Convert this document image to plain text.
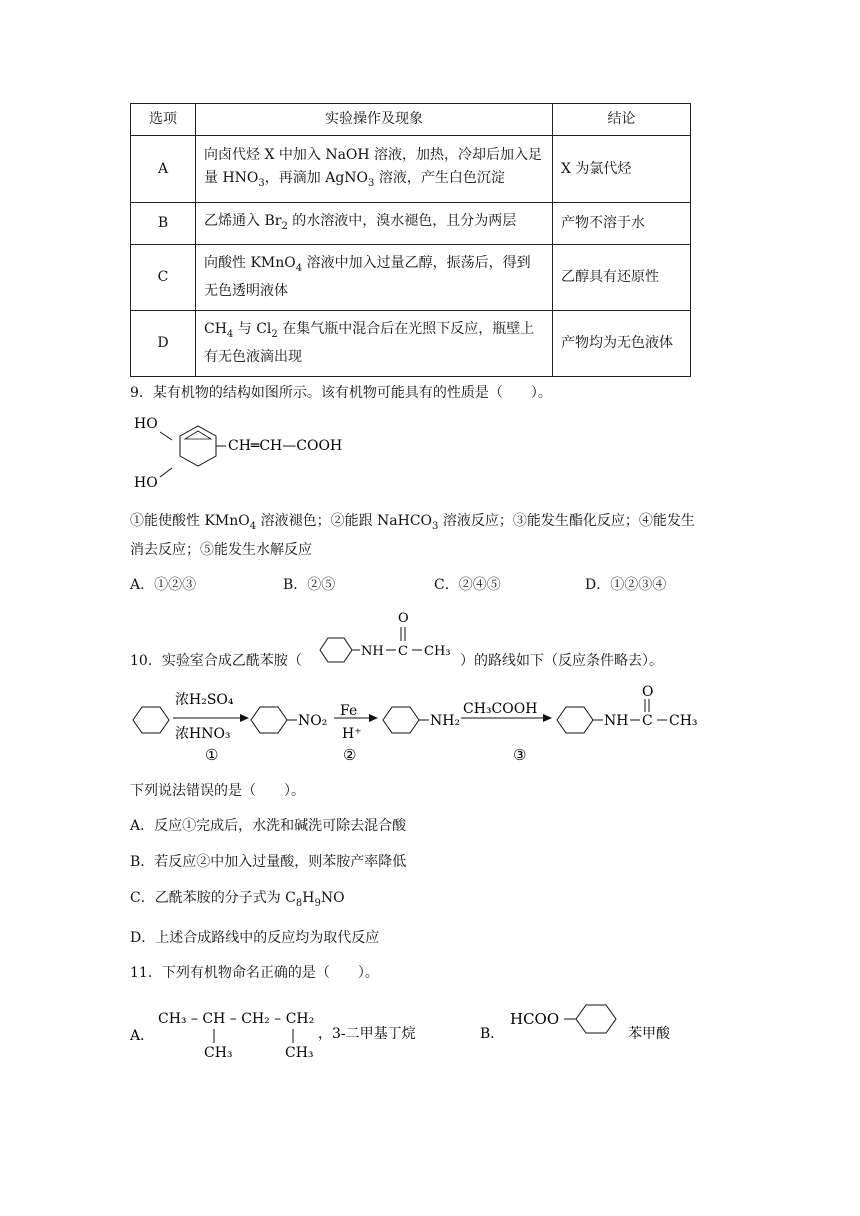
选项	实验操作及现象	结论
A	向卤代烃 X 中加入 NaOH 溶液，加热，冷却后加入足量 $HNO_3$，再滴加 AgNO$_3$ 溶液，产生白色沉淀	X 为氯代烃
B	乙烯通入 $Br_2$ 的水溶液中，溴水褪色，且分为两层	产物不溶于水
C	向酸性 KMnO$_4$ 溶液中加入过量乙醇，振荡后，得到无色透明液体	乙醇具有还原性
D	$CH_4$ 与 $Cl_2$ 在集气瓶中混合后在光照下反应，瓶壁上有无色液滴出现	产物均为无色液体
9．某有机物的结构如图所示。该有机物可能具有的性质是（　　）。
HO
HO
CH═CH—COOH
①能使酸性 KMnO$_4$ 溶液褪色；②能跟 NaHCO$_3$ 溶液反应；③能发生酯化反应；④能发生
消去反应；⑤能发生水解反应
A．①②③	B．②⑤	C．②④⑤	D．①②③④
10．实验室合成乙酰苯胺（
NH C
O
CH₃
）的路线如下（反应条件略去）。
浓H₂SO₄
浓HNO₃
①
NO₂
Fe
H⁺
②
NH₂
CH₃COOH
③
NH C
O
CH₃
下列说法错误的是（　　）。
A．反应①完成后，水洗和碱洗可除去混合酸
B．若反应②中加入过量酸，则苯胺产率降低
C．乙酰苯胺的分子式为 $C_8H_9NO$
D．上述合成路线中的反应均为取代反应
11．下列有机物命名正确的是（　　）。
A．
CH₃ – CH – CH₂ – CH₂
CH₃	CH₃
，3-二甲基丁烷	B．
HCOO
苯甲酸
